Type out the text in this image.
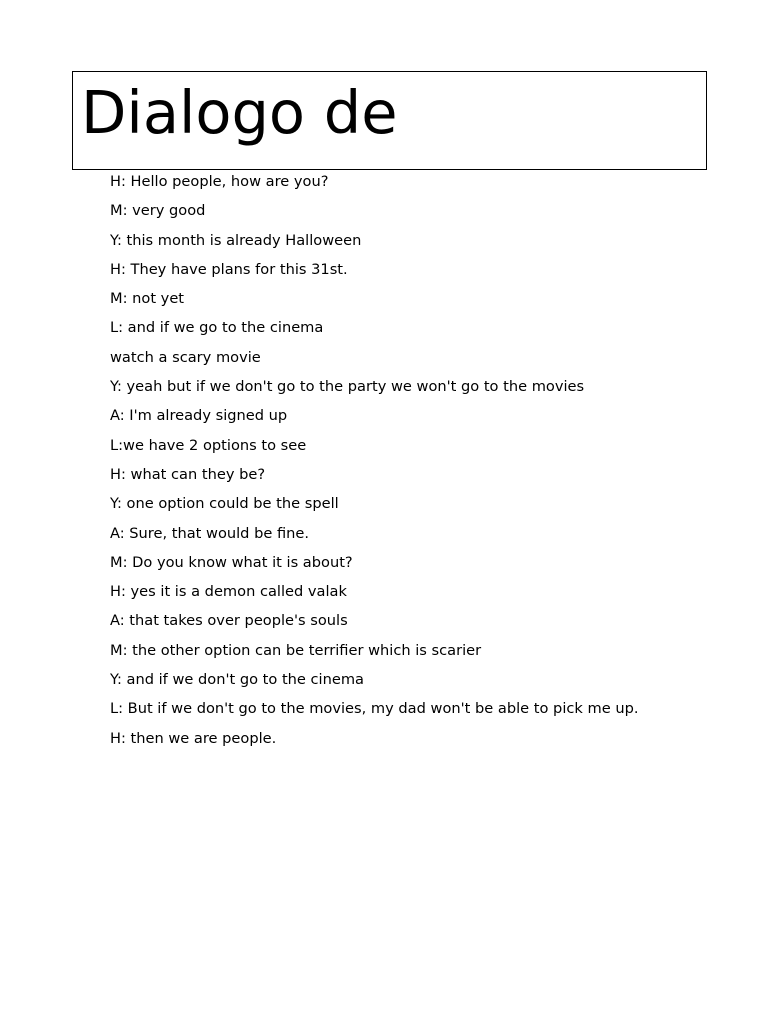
Dialogo de

H: Hello people, how are you?

M: very good

Y: this month is already Halloween

H: They have plans for this 31st.

M: not yet

L: and if we go to the cinema

watch a scary movie

Y: yeah but if we don't go to the party we won't go to the movies

A: I'm already signed up

L:we have 2 options to see

H: what can they be?

Y: one option could be the spell

A: Sure, that would be fine.

M: Do you know what it is about?

H: yes it is a demon called valak

A: that takes over people's souls

M: the other option can be terrifier which is scarier

Y: and if we don't go to the cinema

L: But if we don't go to the movies, my dad won't be able to pick me up.

H: then we are people.
